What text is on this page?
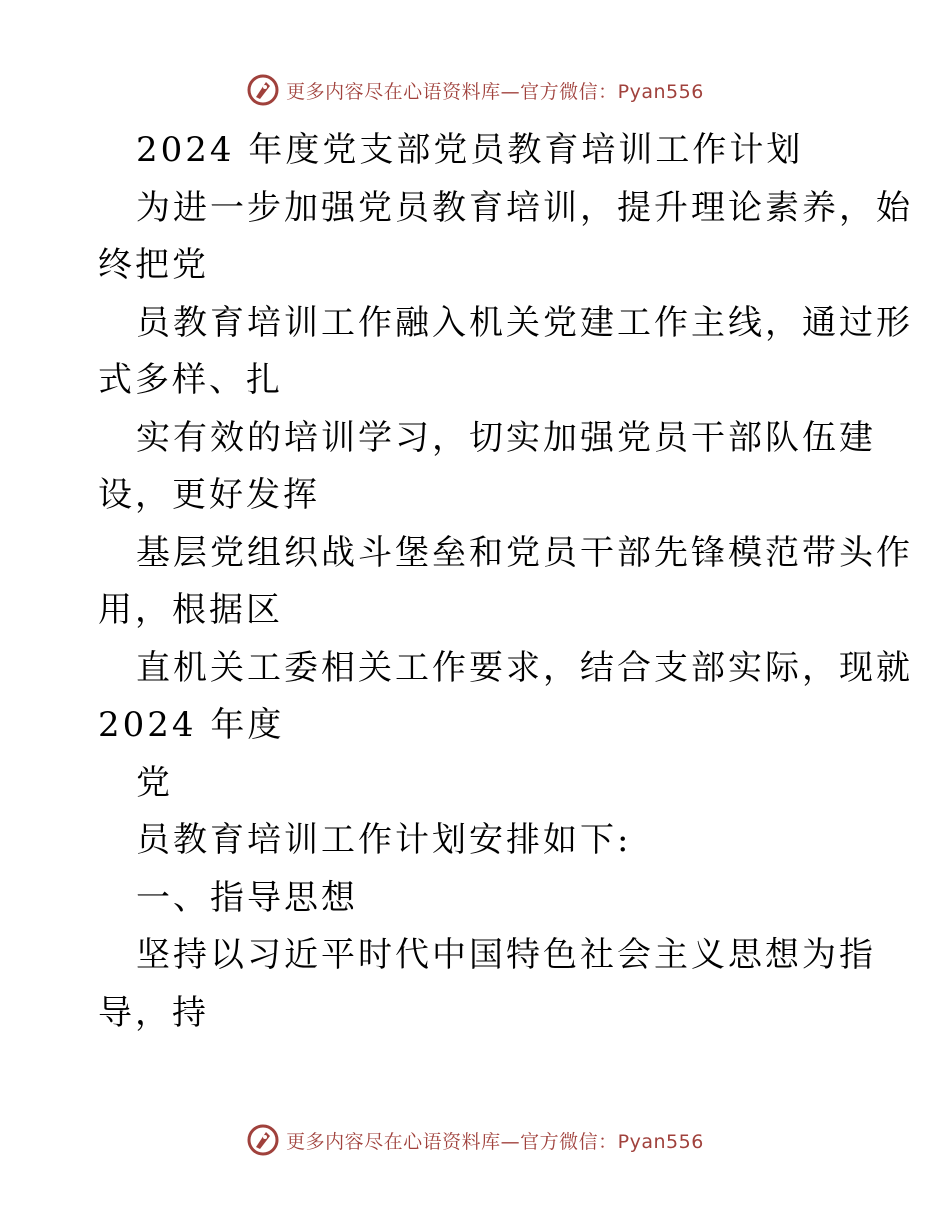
更多内容尽在心语资料库—官方微信：Pyan556
2024 年度党支部党员教育培训工作计划
为进一步加强党员教育培训，提升理论素养，始
终把党
员教育培训工作融入机关党建工作主线，通过形
式多样、扎
实有效的培训学习，切实加强党员干部队伍建
设，更好发挥
基层党组织战斗堡垒和党员干部先锋模范带头作
用，根据区
直机关工委相关工作要求，结合支部实际，现就
2024 年度
党
员教育培训工作计划安排如下:
一、指导思想
坚持以习近平时代中国特色社会主义思想为指
导，持
更多内容尽在心语资料库—官方微信：Pyan556
